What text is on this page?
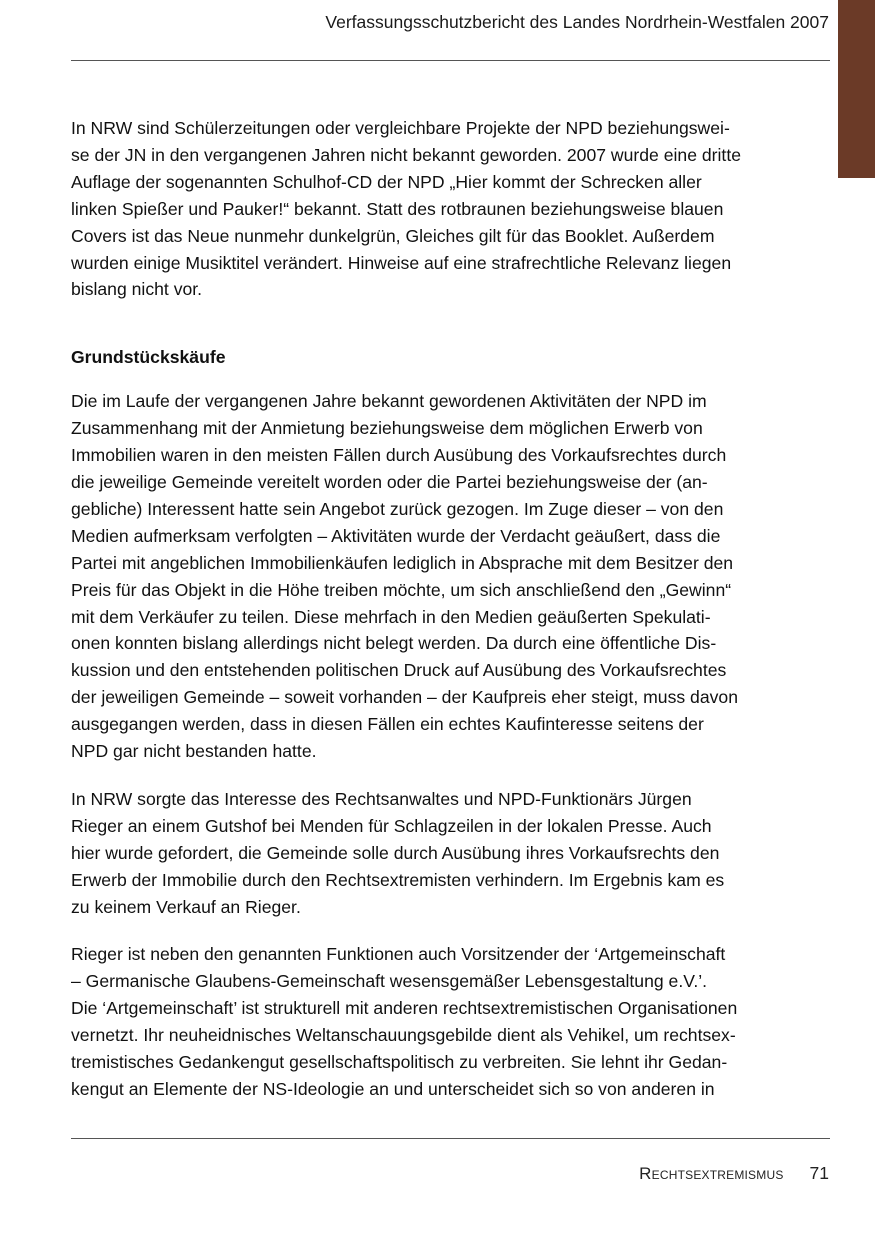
Verfassungsschutzbericht des Landes Nordrhein-Westfalen 2007

In NRW sind Schülerzeitungen oder vergleichbare Projekte der NPD beziehungswei-
se der JN in den vergangenen Jahren nicht bekannt geworden. 2007 wurde eine dritte
Auflage der sogenannten Schulhof-CD der NPD „Hier kommt der Schrecken aller
linken Spießer und Pauker!“ bekannt. Statt des rotbraunen beziehungsweise blauen
Covers ist das Neue nunmehr dunkelgrün, Gleiches gilt für das Booklet. Außerdem
wurden einige Musiktitel verändert. Hinweise auf eine strafrechtliche Relevanz liegen
bislang nicht vor.

Grundstückskäufe

Die im Laufe der vergangenen Jahre bekannt gewordenen Aktivitäten der NPD im
Zusammenhang mit der Anmietung beziehungsweise dem möglichen Erwerb von
Immobilien waren in den meisten Fällen durch Ausübung des Vorkaufsrechtes durch
die jeweilige Gemeinde vereitelt worden oder die Partei beziehungsweise der (an-
gebliche) Interessent hatte sein Angebot zurück gezogen. Im Zuge dieser – von den
Medien aufmerksam verfolgten – Aktivitäten wurde der Verdacht geäußert, dass die
Partei mit angeblichen Immobilienkäufen lediglich in Absprache mit dem Besitzer den
Preis für das Objekt in die Höhe treiben möchte, um sich anschließend den „Gewinn“
mit dem Verkäufer zu teilen. Diese mehrfach in den Medien geäußerten Spekulati-
onen konnten bislang allerdings nicht belegt werden. Da durch eine öffentliche Dis-
kussion und den entstehenden politischen Druck auf Ausübung des Vorkaufsrechtes
der jeweiligen Gemeinde – soweit vorhanden – der Kaufpreis eher steigt, muss davon
ausgegangen werden, dass in diesen Fällen ein echtes Kaufinteresse seitens der
NPD gar nicht bestanden hatte.

In NRW sorgte das Interesse des Rechtsanwaltes und NPD-Funktionärs Jürgen
Rieger an einem Gutshof bei Menden für Schlagzeilen in der lokalen Presse. Auch
hier wurde gefordert, die Gemeinde solle durch Ausübung ihres Vorkaufsrechts den
Erwerb der Immobilie durch den Rechtsextremisten verhindern. Im Ergebnis kam es
zu keinem Verkauf an Rieger.

Rieger ist neben den genannten Funktionen auch Vorsitzender der ‘Artgemeinschaft
– Germanische Glaubens-Gemeinschaft wesensgemäßer Lebensgestaltung e.V.’.
Die ‘Artgemeinschaft’ ist strukturell mit anderen rechtsextremistischen Organisationen
vernetzt. Ihr neuheidnisches Weltanschauungsgebilde dient als Vehikel, um rechtsex-
tremistisches Gedankengut gesellschaftspolitisch zu verbreiten. Sie lehnt ihr Gedan-
kengut an Elemente der NS-Ideologie an und unterscheidet sich so von anderen in

Rechtsextremismus 71
